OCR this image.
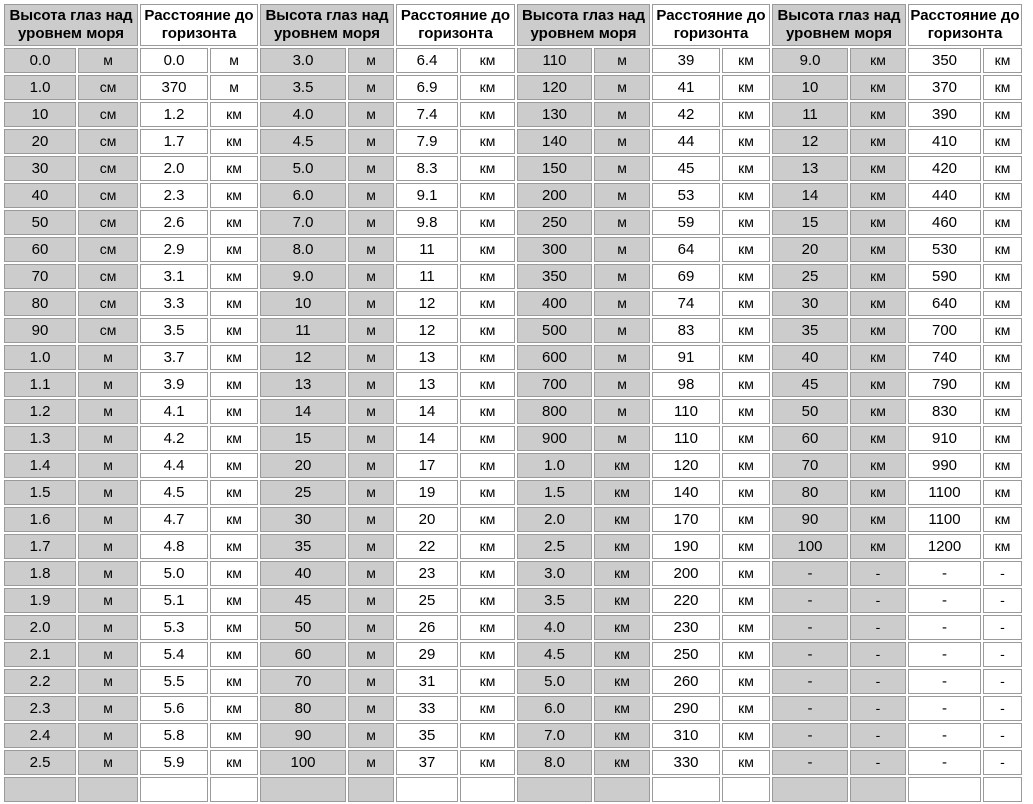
Высота глаз над уровнем моря		Расстояние до горизонта		Высота глаз над уровнем моря		Расстояние до горизонта		Высота глаз над уровнем моря		Расстояние до горизонта		Высота глаз над уровнем моря		Расстояние до горизонта	
0.0	м	0.0	м	3.0	м	6.4	км	110	м	39	км	9.0	км	350	км
1.0	см	370	м	3.5	м	6.9	км	120	м	41	км	10	км	370	км
10	см	1.2	км	4.0	м	7.4	км	130	м	42	км	11	км	390	км
20	см	1.7	км	4.5	м	7.9	км	140	м	44	км	12	км	410	км
30	см	2.0	км	5.0	м	8.3	км	150	м	45	км	13	км	420	км
40	см	2.3	км	6.0	м	9.1	км	200	м	53	км	14	км	440	км
50	см	2.6	км	7.0	м	9.8	км	250	м	59	км	15	км	460	км
60	см	2.9	км	8.0	м	11	км	300	м	64	км	20	км	530	км
70	см	3.1	км	9.0	м	11	км	350	м	69	км	25	км	590	км
80	см	3.3	км	10	м	12	км	400	м	74	км	30	км	640	км
90	см	3.5	км	11	м	12	км	500	м	83	км	35	км	700	км
1.0	м	3.7	км	12	м	13	км	600	м	91	км	40	км	740	км
1.1	м	3.9	км	13	м	13	км	700	м	98	км	45	км	790	км
1.2	м	4.1	км	14	м	14	км	800	м	110	км	50	км	830	км
1.3	м	4.2	км	15	м	14	км	900	м	110	км	60	км	910	км
1.4	м	4.4	км	20	м	17	км	1.0	км	120	км	70	км	990	км
1.5	м	4.5	км	25	м	19	км	1.5	км	140	км	80	км	1100	км
1.6	м	4.7	км	30	м	20	км	2.0	км	170	км	90	км	1100	км
1.7	м	4.8	км	35	м	22	км	2.5	км	190	км	100	км	1200	км
1.8	м	5.0	км	40	м	23	км	3.0	км	200	км	-	-	-	-
1.9	м	5.1	км	45	м	25	км	3.5	км	220	км	-	-	-	-
2.0	м	5.3	км	50	м	26	км	4.0	км	230	км	-	-	-	-
2.1	м	5.4	км	60	м	29	км	4.5	км	250	км	-	-	-	-
2.2	м	5.5	км	70	м	31	км	5.0	км	260	км	-	-	-	-
2.3	м	5.6	км	80	м	33	км	6.0	км	290	км	-	-	-	-
2.4	м	5.8	км	90	м	35	км	7.0	км	310	км	-	-	-	-
2.5	м	5.9	км	100	м	37	км	8.0	км	330	км	-	-	-	-
